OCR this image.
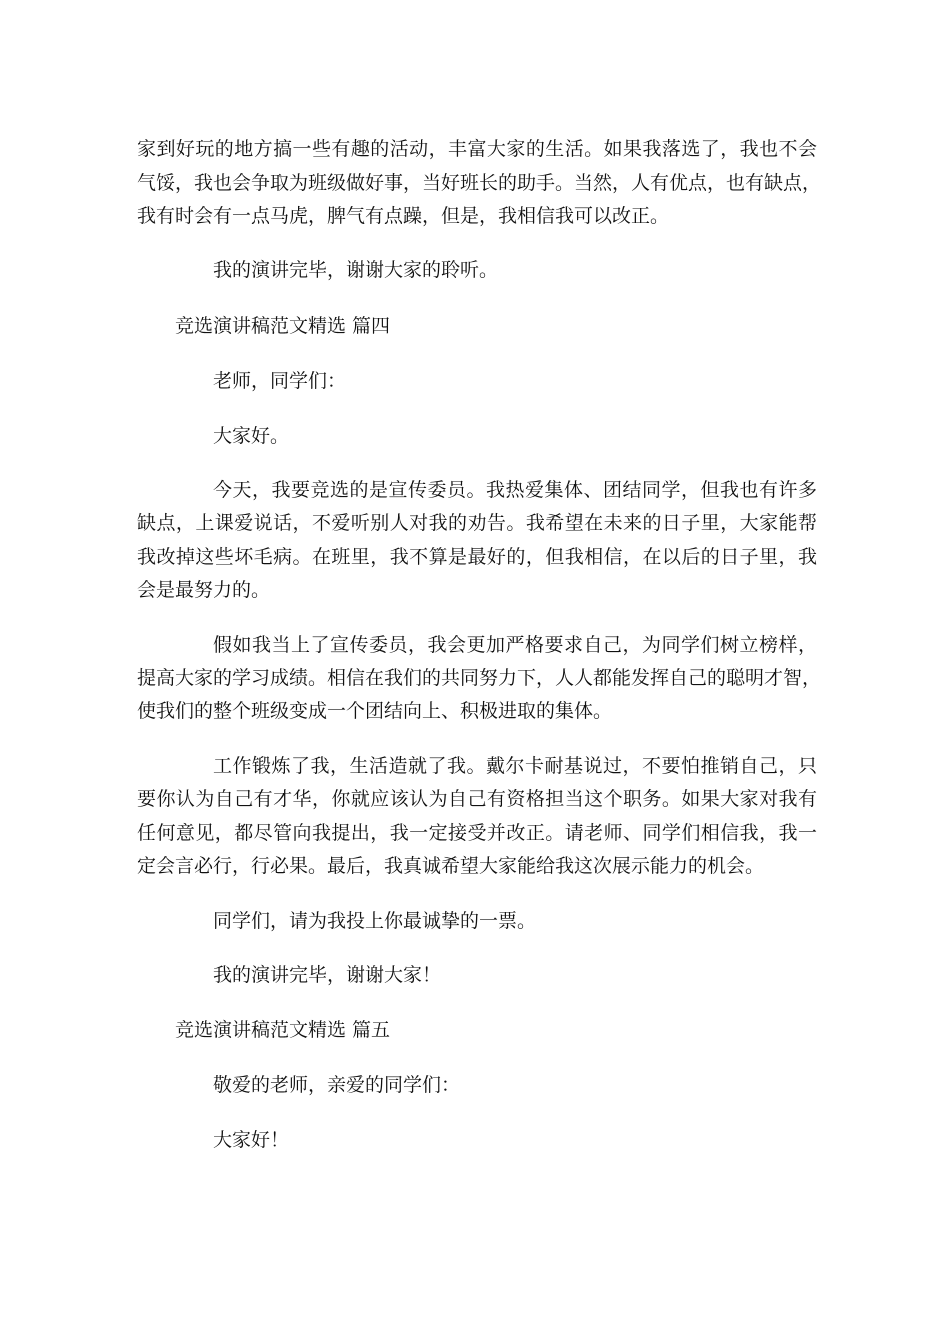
家到好玩的地方搞一些有趣的活动，丰富大家的生活。如果我落选了，我也不会

气馁，我也会争取为班级做好事，当好班长的助手。当然，人有优点，也有缺点，

我有时会有一点马虎，脾气有点躁，但是，我相信我可以改正。

我的演讲完毕，谢谢大家的聆听。

竞选演讲稿范文精选 篇四

老师，同学们：

大家好。

今天，我要竞选的是宣传委员。我热爱集体、团结同学，但我也有许多

缺点，上课爱说话，不爱听别人对我的劝告。我希望在未来的日子里，大家能帮

我改掉这些坏毛病。在班里，我不算是最好的，但我相信，在以后的日子里，我

会是最努力的。

假如我当上了宣传委员，我会更加严格要求自己，为同学们树立榜样，

提高大家的学习成绩。相信在我们的共同努力下，人人都能发挥自己的聪明才智，

使我们的整个班级变成一个团结向上、积极进取的集体。

工作锻炼了我，生活造就了我。戴尔卡耐基说过，不要怕推销自己，只

要你认为自己有才华，你就应该认为自己有资格担当这个职务。如果大家对我有

任何意见，都尽管向我提出，我一定接受并改正。请老师、同学们相信我，我一

定会言必行，行必果。最后，我真诚希望大家能给我这次展示能力的机会。

同学们，请为我投上你最诚挚的一票。

我的演讲完毕，谢谢大家！

竞选演讲稿范文精选 篇五

敬爱的老师，亲爱的同学们：

大家好！
